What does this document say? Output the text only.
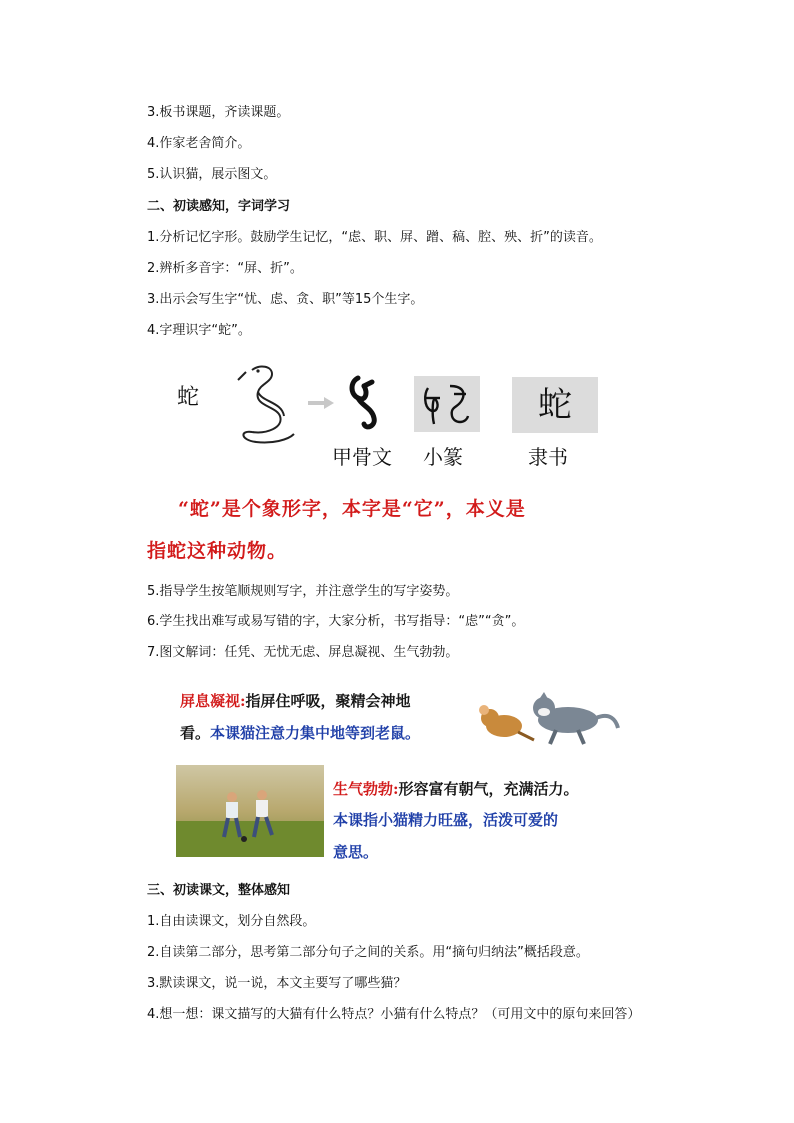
3.板书课题，齐读课题。
4.作家老舍简介。
5.认识猫，展示图文。
二、初读感知，字词学习
1.分析记忆字形。鼓励学生记忆，“虑、职、屏、蹭、稿、腔、殃、折”的读音。
2.辨析多音字：“屏、折”。
3.出示会写生字“忧、虑、贪、职”等15个生字。
4.字理识字“蛇”。
蛇	蛇
甲骨文 小篆	隶书
“蛇”是个象形字，本字是“它”，本义是
指蛇这种动物。
5.指导学生按笔顺规则写字，并注意学生的写字姿势。
6.学生找出难写或易写错的字，大家分析，书写指导：“虑”“贪”。
7.图文解词：任凭、无忧无虑、屏息凝视、生气勃勃。
屏息凝视:指屏住呼吸，聚精会神地
看。本课猫注意力集中地等到老鼠。
生气勃勃:形容富有朝气，充满活力。
本课指小猫精力旺盛，活泼可爱的
意思。
三、初读课文，整体感知
1.自由读课文，划分自然段。
2.自读第二部分，思考第二部分句子之间的关系。用“摘句归纳法”概括段意。
3.默读课文，说一说，本文主要写了哪些猫？
4.想一想：课文描写的大猫有什么特点？小猫有什么特点？（可用文中的原句来回答）
